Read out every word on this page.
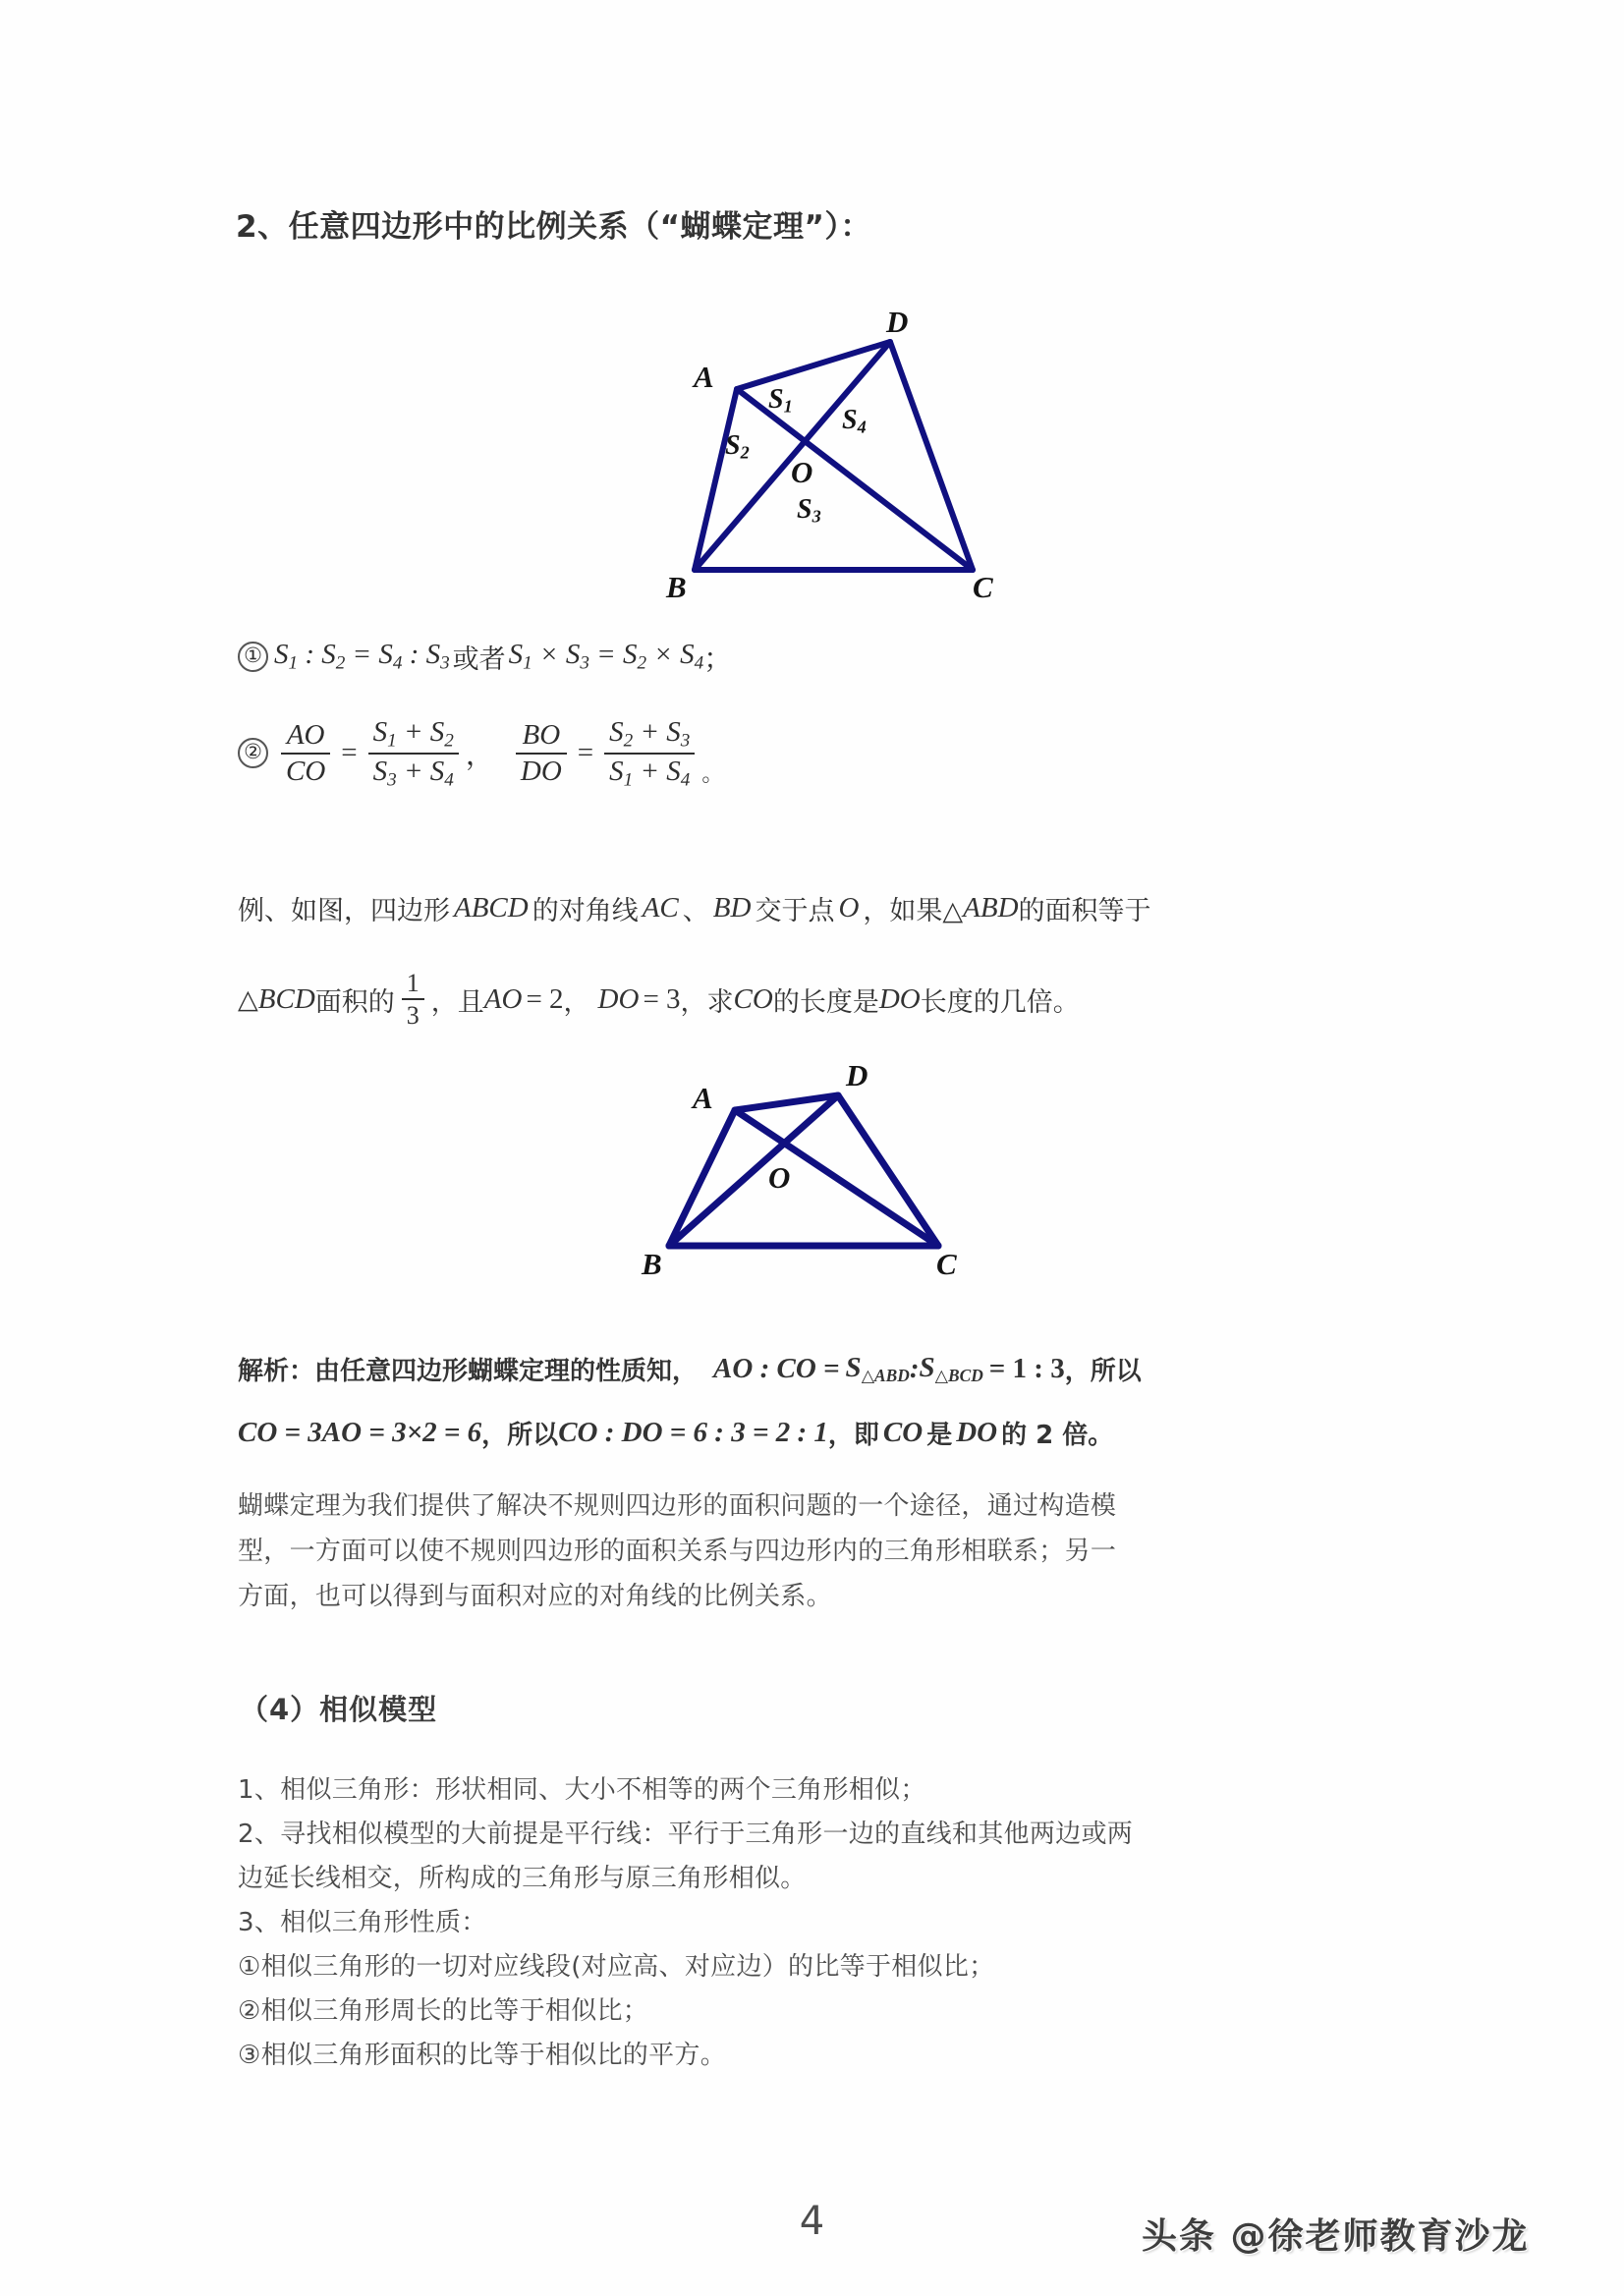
2、任意四边形中的比例关系（“蝴蝶定理”）：
A
B	C
D
O
$S_1$
$S_2$
$S_3$
$S_4$
① $S_1$ : $S_2 = S_4$ : $S_3$ 或者 $S_1 \times S_3 = S_2 \times S_4$ ；
② $\frac{AO}{CO} = \frac{S_1 + S_2}{S_3 + S_4}$ ， $\frac{BO}{DO} = \frac{S_2 + S_3}{S_1 + S_4}$ 。
例、如图，四边形 ABCD 的对角线 AC 、 BD 交于点 O ，如果△ ABD 的面积等于
△ BCD 面积的 $\frac{1}{3}$ ，且 AO = 2 ， DO = 3 ，求 CO 的长度是 DO 长度的几倍。
A
B	C
D
O
解析： 由任意四边形蝴蝶定理的性质知， AO : CO = $S_{\triangle ABD}$ : $S_{\triangle BCD} = 1$ : 3 ，所以
CO = 3AO = 3×2 = 6 ，所以 CO : DO = 6 : 3 = 2 : 1 ，即 CO 是 DO 的 2 倍。
蝴蝶定理为我们提供了解决不规则四边形的面积问题的一个途径，通过构造模
型，一方面可以使不规则四边形的面积关系与四边形内的三角形相联系；另一
方面，也可以得到与面积对应的对角线的比例关系。
（4）相似模型
1、相似三角形：形状相同、大小不相等的两个三角形相似；
2、寻找相似模型的大前提是平行线：平行于三角形一边的直线和其他两边或两
边延长线相交，所构成的三角形与原三角形相似。
3、相似三角形性质：
①相似三角形的一切对应线段(对应高、对应边）的比等于相似比；
②相似三角形周长的比等于相似比；
③相似三角形面积的比等于相似比的平方。
4	头条 @徐老师教育沙龙
